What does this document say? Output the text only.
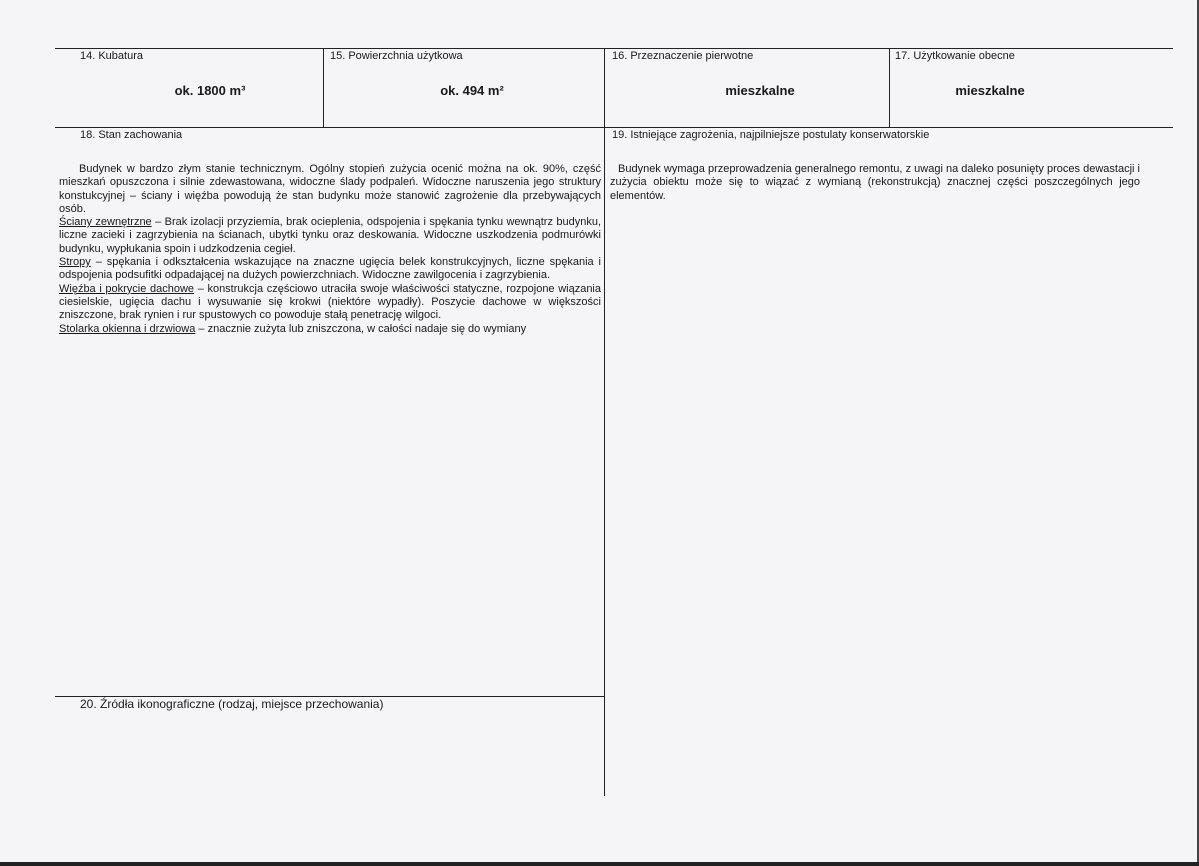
14. Kubatura
ok. 1800 m³
15. Powierzchnia użytkowa
ok. 494 m²
16. Przeznaczenie pierwotne
mieszkalne
17. Użytkowanie obecne
mieszkalne
18. Stan zachowania

Budynek w bardzo złym stanie technicznym. Ogólny stopień zużycia ocenić można na ok. 90%, część mieszkań opuszczona i silnie zdewastowana, widoczne ślady podpaleń. Widoczne naruszenia jego struktury konstukcyjnej – ściany i więźba powodują że stan budynku może stanowić zagrożenie dla przebywających osób.

Ściany zewnętrzne – Brak izolacji przyziemia, brak ocieplenia, odspojenia i spękania tynku wewnątrz budynku, liczne zacieki i zagrzybienia na ścianach, ubytki tynku oraz deskowania. Widoczne uszkodzenia podmurówki budynku, wypłukania spoin i udzkodzenia cegieł.

Stropy – spękania i odkształcenia wskazujące na znaczne ugięcia belek konstrukcyjnych, liczne spękania i odspojenia podsufitki odpadającej na dużych powierzchniach. Widoczne zawilgocenia i zagrzybienia.

Więźba i pokrycie dachowe – konstrukcja częściowo utraciła swoje właściwości statyczne, rozpojone wiązania ciesielskie, ugięcia dachu i wysuwanie się krokwi (niektóre wypadły). Poszycie dachowe w większości zniszczone, brak rynien i rur spustowych co powoduje stałą penetrację wilgoci.

Stolarka okienna i drzwiowa – znacznie zużyta lub zniszczona, w całości nadaje się do wymiany

19. Istniejące zagrożenia, najpilniejsze postulaty konserwatorskie

Budynek wymaga przeprowadzenia generalnego remontu, z uwagi na daleko posunięty proces dewastacji i zużycia obiektu może się to wiązać z wymianą (rekonstrukcją) znacznej części poszczególnych jego elementów.

20. Źródła ikonograficzne (rodzaj, miejsce przechowania)
